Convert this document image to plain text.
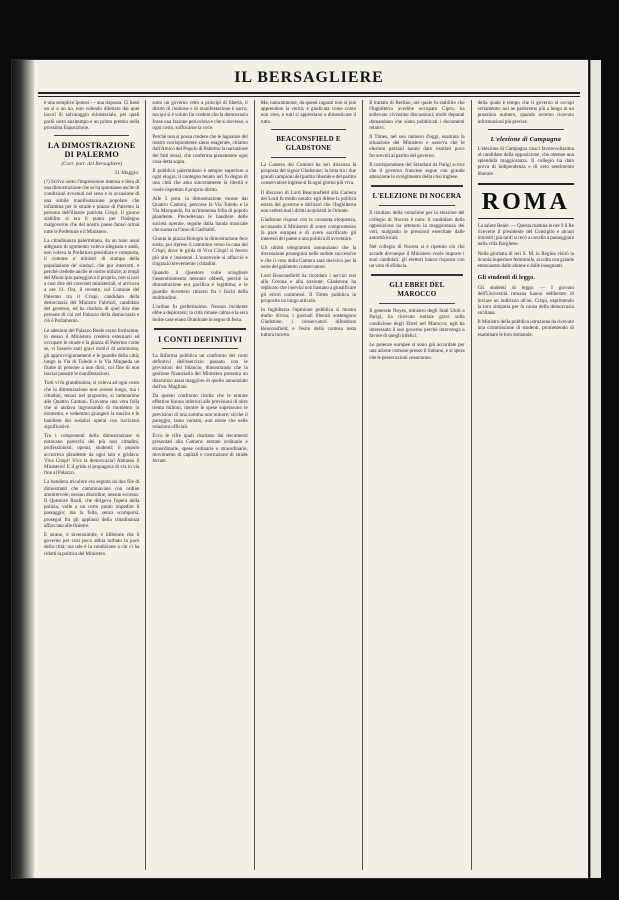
IL BERSAGLIERE

è una semplice ipotesi — una risposta. Ci basti un sì o un no, non volendo dilettare dai quei lavori di salvataggio ministeriale, pei quali parlò certo anzitempo e un primo premio nella prossima Esposizione.

LA DIMOSTRAZIONE DI PALERMO
(Corr. part. del Bersagliere)
21 Maggio.

(?) Scrivo sotto l'impressione intensa e lieta di una dimostrazione che se ha spontanee uscite di condizioni avvenuti nel seno e in occasione di una simile manifestazione popolare che infiamma per le strade e piazze di Palermo la persona dell'illustre patriota Crispi. Il giorno stabilito si era il punto per l'indegno malgoverno che del nostro paese fanno ormai tutte le Prefetture e il Ministero.

La cittadinanza palermitana, da un tono assai adeguato di sgomento voleva sdegnata e andò, non voleva la Prefettura presidiare e composta, il comune a' ministri di stampa della popolazione de' sindaci, che pur interrotti, e perché credette anche le nostre milizie; ai tempi del Municipio pareggiava il proprio, non si uscì a così dire dei conventi ministeriali, si arrivava a ore 11. Ora, il recente, sol Comune del Palermo tra il Crispi, candidato della democrazia del Ministro Fabrizzi, candidato del governo, ed ha risoluto di quel dire due persone di cui nel Palazzo della democrazia e ciò è Parlamento.

Le adesioni del Palazzo Reale erano fortissime, lo stesso il Ministero credeva esternarsi ed occupare le strade e la piazza di Palermo come se, vi fossero stati gravi motivi di sommossa, gli approvvigionamenti e le guardie della città; lungo la Via di Toledo e la Via Maqueda un fiume di persone a non dirsi, col fine di non lasciar passare le manifestazioni.

Tutti vi fu grandissima; si voleva ad ogni costo che la dimostrazione non avesse luogo, ma i cittadini, tenaci nel proposito, si radunarono alle Quattro Cantoni. Eravamo una vera folla che si andava ingrossando di momento in momento, e vedemmo giungere la musica e le bandiere dei sodalizi operai con iscrizioni significative.

Tra i componenti della dimostrazione si notavano parecchi dei più noti cittadini, professionisti, operai, studenti; il popolo accorreva plaudente da ogni lato e gridava: Viva Crispi! Viva la democrazia! Abbasso il Ministero! E il grido si propagava di via in via fino al Palazzo.

La bandiera tricolore era seguita da due file di dimostranti che camminavano con ordine ammirevole; nessun disordine, nessun eccesso. Il Questore Ilardi, che dirigeva l'opera della polizia, volle a un certo punto impedire il passaggio; ma la folla, senza scomporsi, proseguì fra gli applausi della cittadinanza affacciata alle finestre.

E strano, è inverosimile, è illiberale che il governo per così poco abbia turbato la pace della città; ma tale è la condizione a cui ci ha ridotti la politica del Ministero.

sotto un governo retto a principi di libertà, il diritto di riunione e di manifestazione è sacro; ma qui si è voluto far credere che la democrazia fosse una fazione pericolosa e che si dovesse, a ogni costo, soffocarne la voce.

Perchè non si possa credere che le lagnanze del nostro corrispondente sieno esagerate, citiamo dall'Amico del Popolo di Palermo la narrazione dei fatti stessi, che conferma pienamente ogni cosa detta sopra.

Il pubblico palermitano è sempre superiore a ogni elogio; il contegno tenuto ieri fu degno di una città che ama sinceramente la libertà e vuole rispettato il proprio diritto.

Alle 5 pom. la dimostrazione mosse dai Quattro Cantoni, percorse la Via Toledo e la Via Macqueda, fra un'immensa folla di popolo plaudente. Precedevano le bandiere delle società operaie, seguite dalla banda musicale che suonava l'inno di Garibaldi.

Giunta in piazza Bologni la dimostrazione fece sosta; poi riprese il cammino verso la casa del Crispi, dove le grida di Viva Crispi! si fecero più alte e insistenti. L'onorevole si affacciò e ringraziò brevemente i cittadini.

Quando il Questore volle sciogliere l'assembramento nessuno obbedì, perchè la dimostrazione era pacifica e legittima; e le guardie dovettero ritirarsi fra i fischi della moltitudine.

L'ordine fu perfettissimo. Nessun incidente ebbe a deplorarsi; la città rimase calma e la sera molte case erano illuminate in segno di festa.

I CONTI DEFINITIVI

La Riforma pubblica un confronto dei conti definitivi dell'esercizio passato con le previsioni del bilancio, dimostrando che la gestione finanziaria del Ministero presenta un disavanzo assai maggiore di quello annunziato dall'on. Magliani.

Da questo confronto risulta che le entrate effettive furono inferiori alle previsioni di oltre trenta milioni, mentre le spese superarono le previsioni di una somma non minore; sicchè il pareggio, tanto vantato, non esiste che nelle relazioni ufficiali.

Ecco le cifre quali risultano dai documenti presentati alla Camera: entrate ordinarie e straordinarie, spese ordinarie e straordinarie, movimento di capitali e costruzione di strade ferrate.

Ma, naturalmente, da questi ragazzi non si può apprendere la verità; è giudicata come conto non vero, e tutti si apprestano a dimenticare il tutto.

BEACONSFIELD E GLADSTONE

La Camera dei Comuni ha ieri discussa la proposta del signor Gladstone; la lotta tra i due grandi campioni del partito liberale e del partito conservatore inglese si fa ogni giorno più viva.

Il discorso di Lord Beaconsfield alla Camera dei Lord fu molto notato: egli difese la politica estera del governo e dichiarò che l'Inghilterra non cederà mai i diritti acquistati in Oriente.

Gladstone rispose con la consueta eloquenza, accusando il Ministero di avere compromesso la pace europea e di avere sacrificato gli interessi del paese a una politica di avventure.

Gli ultimi telegrammi annunziano che la discussione proseguirà nelle sedute successive e che il voto della Camera sarà decisivo per la sorte del gabinetto conservatore.

Lord Beaconsfield ha ricordato i servizi resi alla Corona e alla nazione; Gladstone ha replicato che i servizi non bastano a giustificare gli errori commessi. Il Times pubblica in proposito un lungo articolo.

In Inghilterra l'opinione pubblica si mostra molto divisa; i giornali liberali sostengono Gladstone, i conservatori difendono Beaconsfield, e l'esito della contesa resta tuttora incerto.

Il trattato di Berlino, nel quale fu stabilito che l'Inghilterra avrebbe occupato Cipro, ha sollevato vivissime discussioni; molti deputati domandano che siano pubblicati i documenti relativi.

Il Times, nel suo numero d'oggi, esamina la situazione del Ministero e osserva che le elezioni parziali hanno dato risultati poco favorevoli al partito del governo.

Il corrispondente del Standard da Parigi scrive che il governo francese segue con grande attenzione lo svolgimento della crisi inglese.

L'ELEZIONE DI NOCERA

Il risultato della votazione per la elezione del collegio di Nocera è noto: il candidato della opposizione ha ottenuto la maggioranza dei voti, malgrado le pressioni esercitate dalle autorità locali.

Nel collegio di Nocera si è ripetuto ciò che accade dovunque il Ministero vuole imporre i suoi candidati: gli elettori hanno risposto con un voto di sfiducia.

GLI EBREI DEL MAROCCO

Il generale Noyes, ministro degli Stati Uniti a Parigi, ha ricevuto notizie gravi sulla condizione degli Ebrei nel Marocco; egli ha interessato il suo governo perchè intervenga a favore di quegli infelici.

Le potenze europee si sono già accordate per una azione comune presso il Sultano, e si spera che le persecuzioni cesseranno.

della quale è tempo che il governo si occupi seriamente; noi ne parleremo più a lungo in un prossimo numero, quando avremo ricevuto informazioni più precise.

L'elezione di Campagna

L'elezione di Campagna riuscì favorevolissima al candidato della opposizione, che ottenne una splendida maggioranza. Il collegio ha dato prova di indipendenza e di vero sentimento liberale.

ROMA

La salute Reale. — Questa mattina le ore 9 il Re ricevette il presidente del Consiglio e alcuni ministri; più tardi si recò a cavallo a passeggiare nella villa Borghese.

Nella giornata di ieri S. M. la Regina visitò la Scuola Superiore femminile, accolta con grande entusiasmo dalle alunne e dalle insegnanti.

Gli studenti di leggo.

Gli studenti di leggo. — I giovani dell'Università romana hanno deliberato di inviare un indirizzo all'on. Crispi, esprimendo la loro simpatia per la causa della democrazia siciliana.

Il Ministro della pubblica istruzione ha ricevuto una commissione di studenti, promettendo di esaminare le loro domande.
